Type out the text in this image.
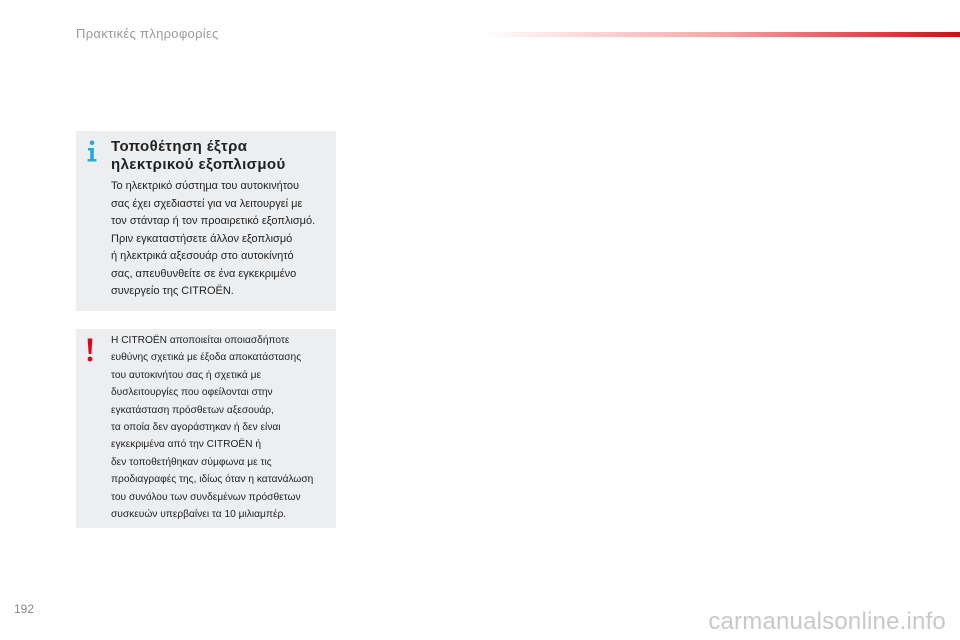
Πρακτικές πληροφορίες
Τοποθέτηση έξτρα
ηλεκτρικού εξοπλισμού
Το ηλεκτρικό σύστημα του αυτοκινήτου
σας έχει σχεδιαστεί για να λειτουργεί με
τον στάνταρ ή τον προαιρετικό εξοπλισμό.
Πριν εγκαταστήσετε άλλον εξοπλισμό
ή ηλεκτρικά αξεσουάρ στο αυτοκίνητό
σας, απευθυνθείτε σε ένα εγκεκριμένο
συνεργείο της CITROËN.
Η CITROËN αποποιείται οποιασδήποτε
ευθύνης σχετικά με έξοδα αποκατάστασης
του αυτοκινήτου σας ή σχετικά με
δυσλειτουργίες που οφείλονται στην
εγκατάσταση πρόσθετων αξεσουάρ,
τα οποία δεν αγοράστηκαν ή δεν είναι
εγκεκριμένα από την CITROËN ή
δεν τοποθετήθηκαν σύμφωνα με τις
προδιαγραφές της, ιδίως όταν η κατανάλωση
του συνόλου των συνδεμένων πρόσθετων
συσκευών υπερβαίνει τα 10 μιλιαμπέρ.
192	carmanualsonline.info
